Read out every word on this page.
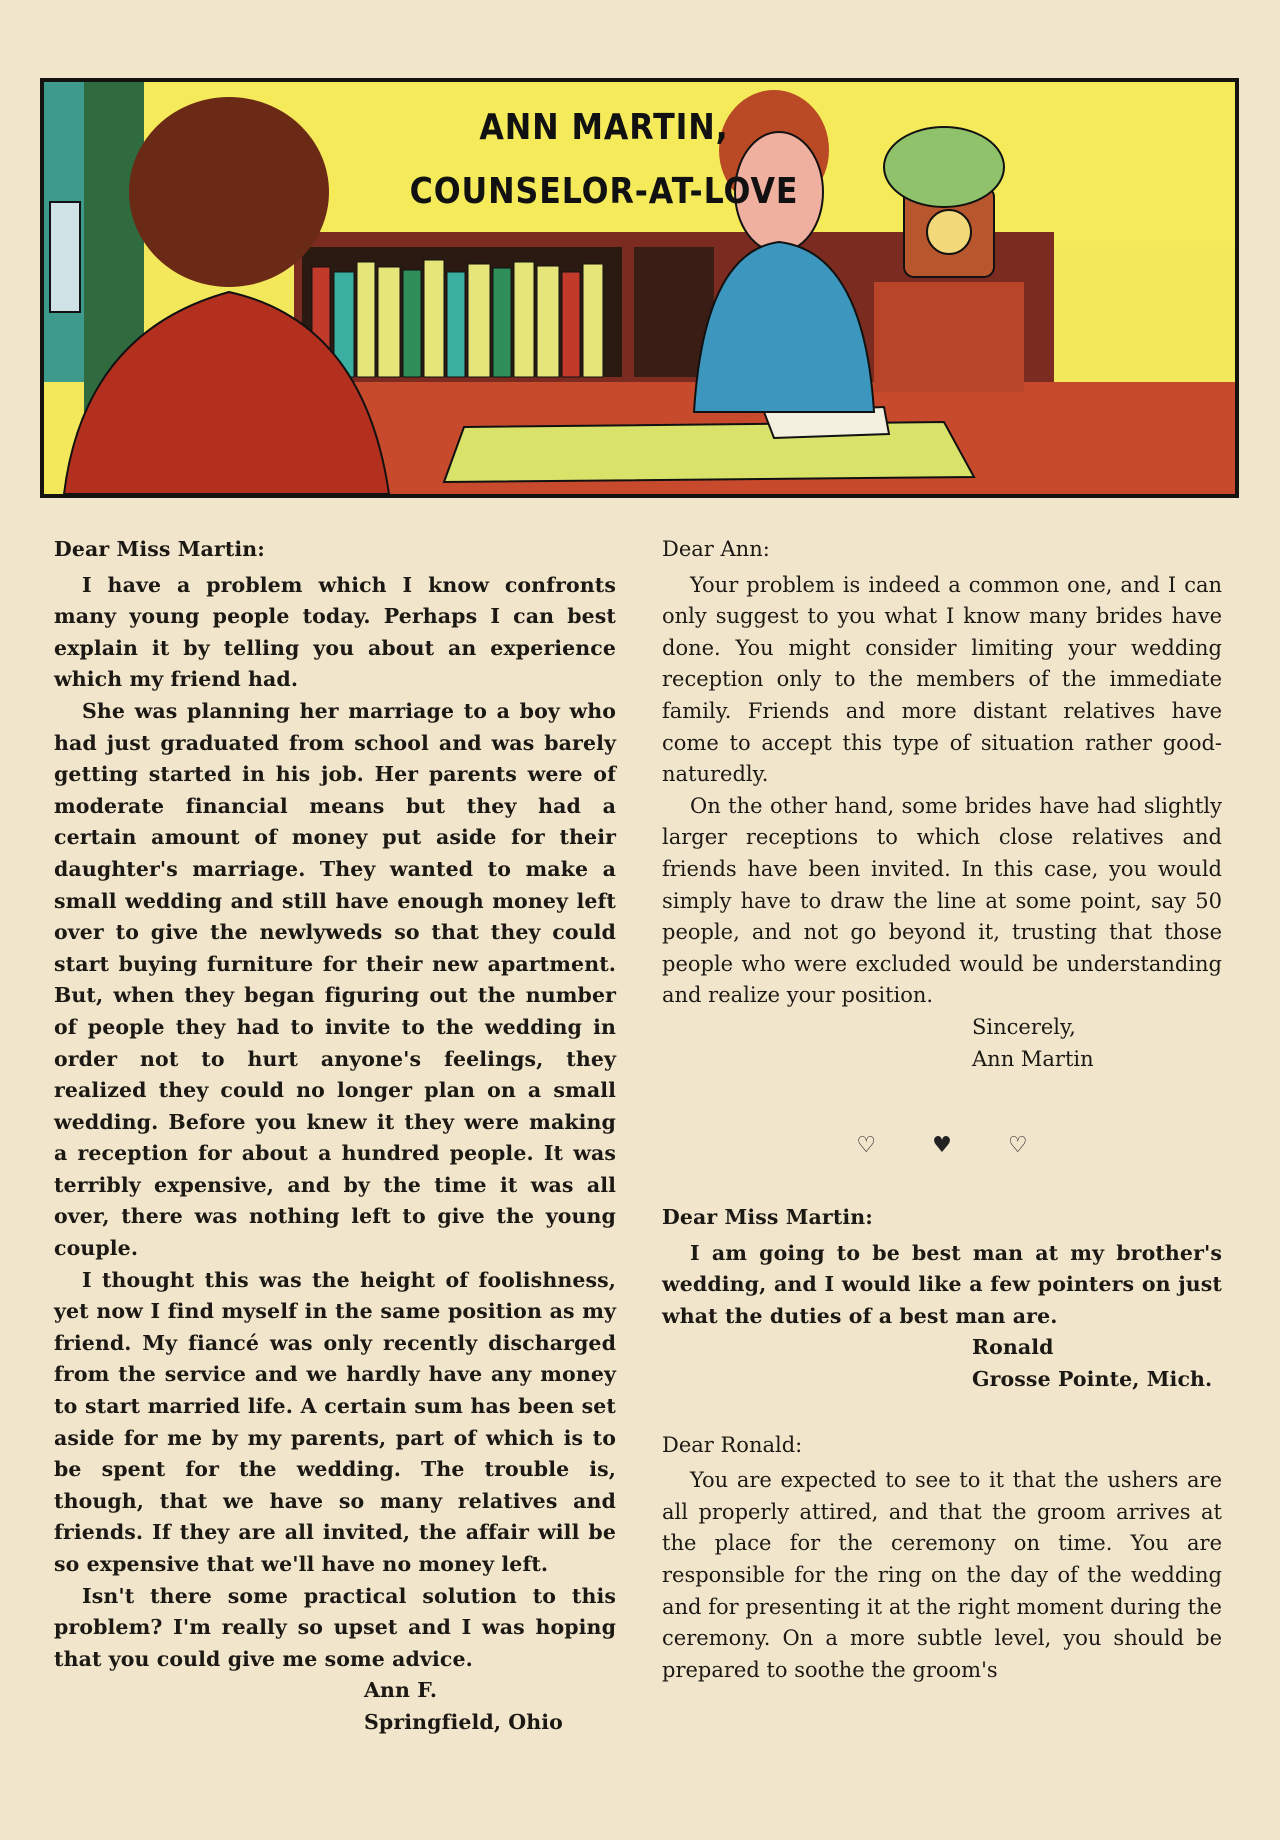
ANN MARTIN,
COUNSELOR-AT-LOVE

Dear Miss Martin:

I have a problem which I know confronts many young people today. Perhaps I can best explain it by telling you about an experience which my friend had.

She was planning her marriage to a boy who had just graduated from school and was barely getting started in his job. Her parents were of moderate financial means but they had a certain amount of money put aside for their daughter's marriage. They wanted to make a small wedding and still have enough money left over to give the newlyweds so that they could start buying furniture for their new apartment. But, when they began figuring out the number of people they had to invite to the wedding in order not to hurt anyone's feelings, they realized they could no longer plan on a small wedding. Before you knew it they were making a reception for about a hundred people. It was terribly expensive, and by the time it was all over, there was nothing left to give the young couple.

I thought this was the height of foolishness, yet now I find myself in the same position as my friend. My fiancé was only recently discharged from the service and we hardly have any money to start married life. A certain sum has been set aside for me by my parents, part of which is to be spent for the wedding. The trouble is, though, that we have so many relatives and friends. If they are all invited, the affair will be so expensive that we'll have no money left.

Isn't there some practical solution to this problem? I'm really so upset and I was hoping that you could give me some advice.

Ann F.

Springfield, Ohio

Dear Ann:

Your problem is indeed a common one, and I can only suggest to you what I know many brides have done. You might consider limiting your wedding reception only to the members of the immediate family. Friends and more distant relatives have come to accept this type of situation rather good-naturedly.

On the other hand, some brides have had slightly larger receptions to which close relatives and friends have been invited. In this case, you would simply have to draw the line at some point, say 50 people, and not go beyond it, trusting that those people who were excluded would be understanding and realize your position.

Sincerely,

Ann Martin

♡	♥	♡

Dear Miss Martin:

I am going to be best man at my brother's wedding, and I would like a few pointers on just what the duties of a best man are.

Ronald

Grosse Pointe, Mich.

Dear Ronald:

You are expected to see to it that the ushers are all properly attired, and that the groom arrives at the place for the ceremony on time. You are responsible for the ring on the day of the wedding and for presenting it at the right moment during the ceremony. On a more subtle level, you should be prepared to soothe the groom's
